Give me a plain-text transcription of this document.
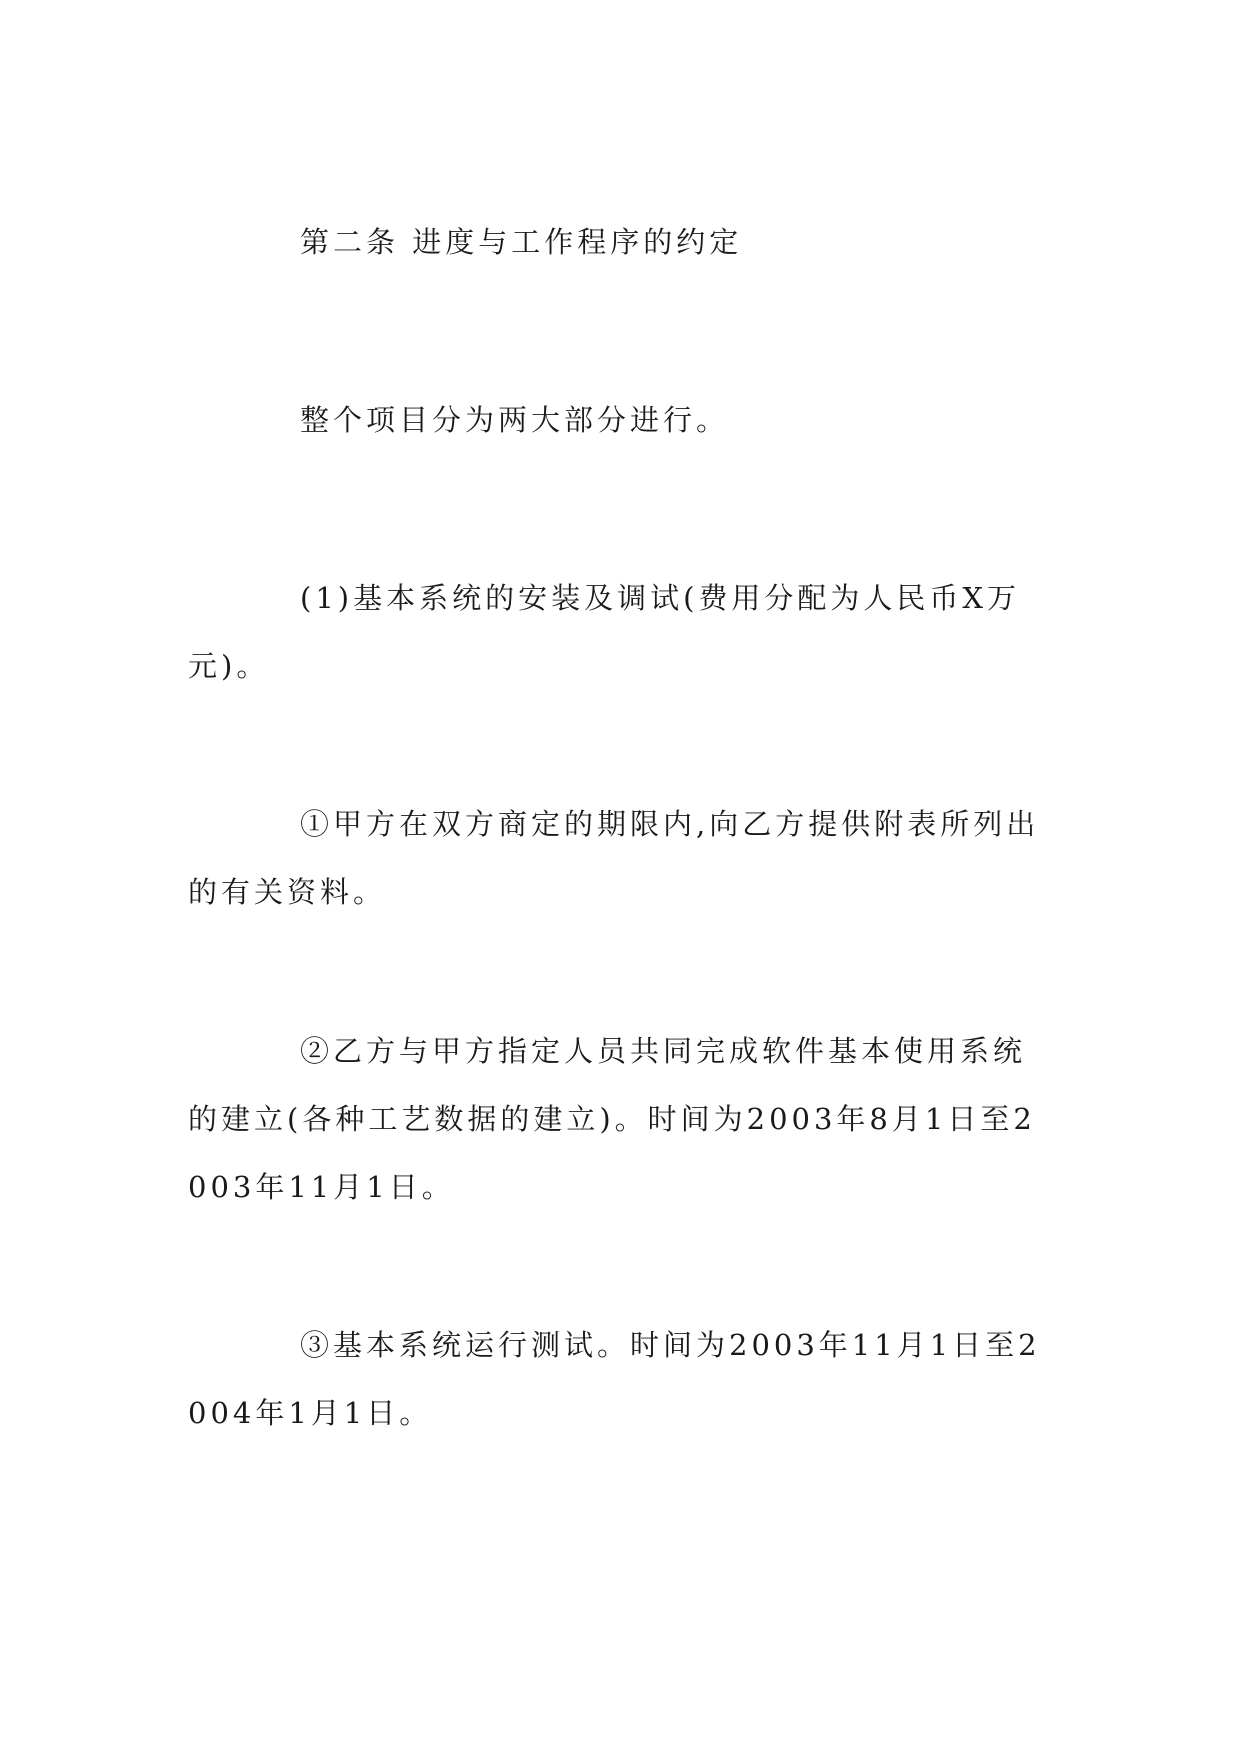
第二条 进度与工作程序的约定

整个项目分为两大部分进行。

(1)基本系统的安装及调试(费用分配为人民币X万元)。

①甲方在双方商定的期限内,向乙方提供附表所列出的有关资料。

②乙方与甲方指定人员共同完成软件基本使用系统的建立(各种工艺数据的建立)。时间为2003年8月1日至2003年11月1日。

③基本系统运行测试。时间为2003年11月1日至2004年1月1日。
